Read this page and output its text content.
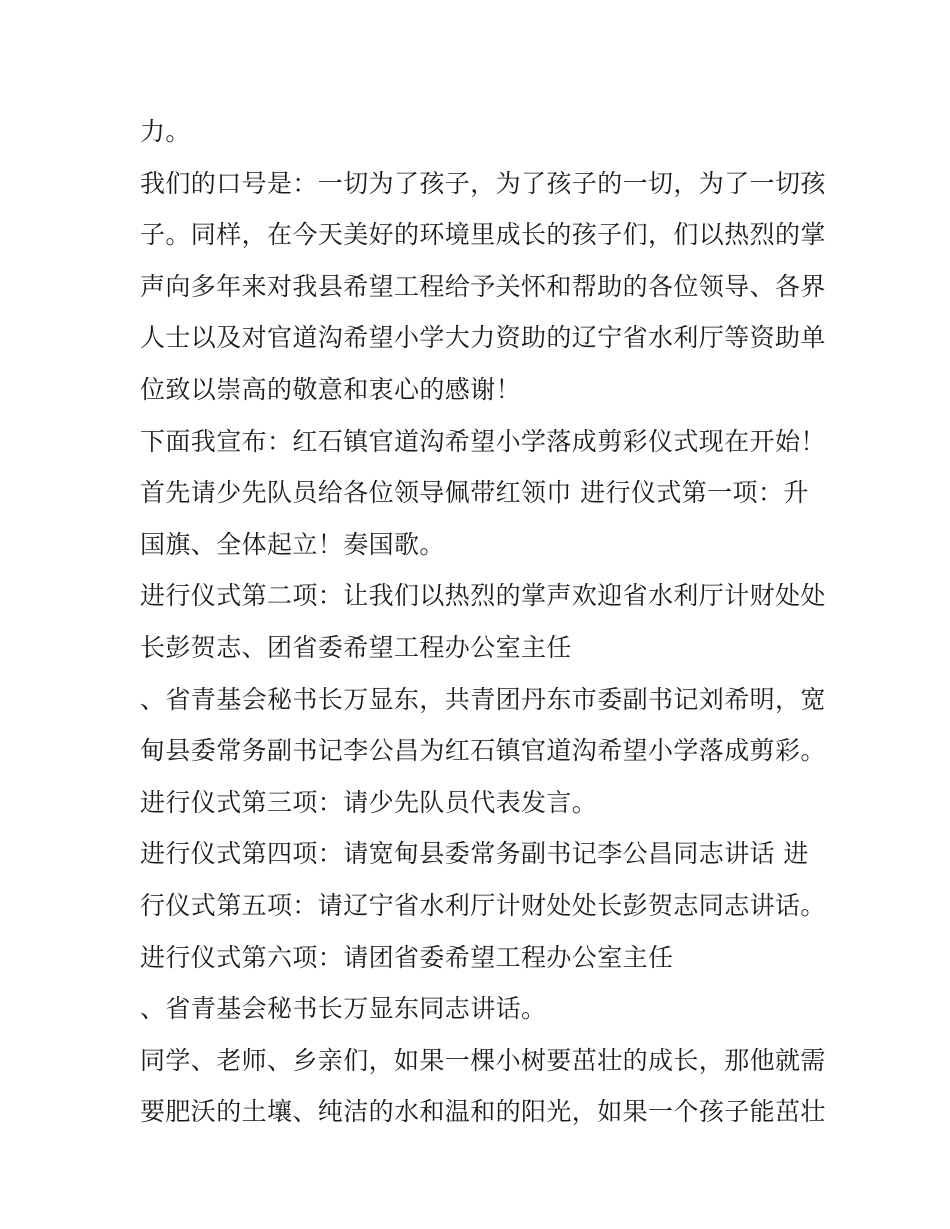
力。
我们的口号是：一切为了孩子，为了孩子的一切，为了一切孩
子。同样，在今天美好的环境里成长的孩子们，们以热烈的掌
声向多年来对我县希望工程给予关怀和帮助的各位领导、各界
人士以及对官道沟希望小学大力资助的辽宁省水利厅等资助单
位致以崇高的敬意和衷心的感谢！
下面我宣布：红石镇官道沟希望小学落成剪彩仪式现在开始！
首先请少先队员给各位领导佩带红领巾 进行仪式第一项：升
国旗、全体起立！奏国歌。
进行仪式第二项：让我们以热烈的掌声欢迎省水利厅计财处处
长彭贺志、团省委希望工程办公室主任
、省青基会秘书长万显东，共青团丹东市委副书记刘希明，宽
甸县委常务副书记李公昌为红石镇官道沟希望小学落成剪彩。
进行仪式第三项：请少先队员代表发言。
进行仪式第四项：请宽甸县委常务副书记李公昌同志讲话 进
行仪式第五项：请辽宁省水利厅计财处处长彭贺志同志讲话。
进行仪式第六项：请团省委希望工程办公室主任
、省青基会秘书长万显东同志讲话。
同学、老师、乡亲们，如果一棵小树要茁壮的成长，那他就需
要肥沃的土壤、纯洁的水和温和的阳光，如果一个孩子能茁壮
